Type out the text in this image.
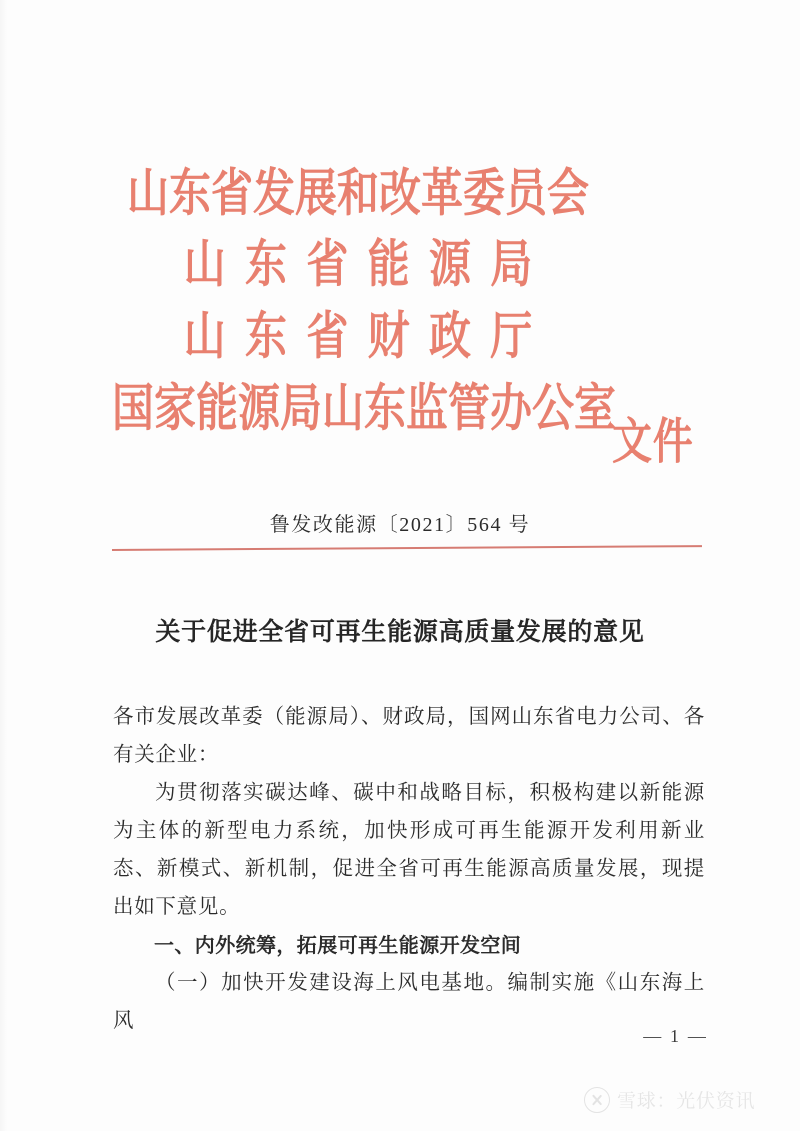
山东省发展和改革委员会
山东省能源局
山东省财政厅
国家能源局山东监管办公室
文件
鲁发改能源〔2021〕564 号
关于促进全省可再生能源高质量发展的意见

各市发展改革委（能源局）、财政局，国网山东省电力公司、各有关企业：

为贯彻落实碳达峰、碳中和战略目标，积极构建以新能源为主体的新型电力系统，加快形成可再生能源开发利用新业态、新模式、新机制，促进全省可再生能源高质量发展，现提出如下意见。

一、内外统筹，拓展可再生能源开发空间

（一）加快开发建设海上风电基地。编制实施《山东海上风

— 1 —
雪球：光伏资讯
